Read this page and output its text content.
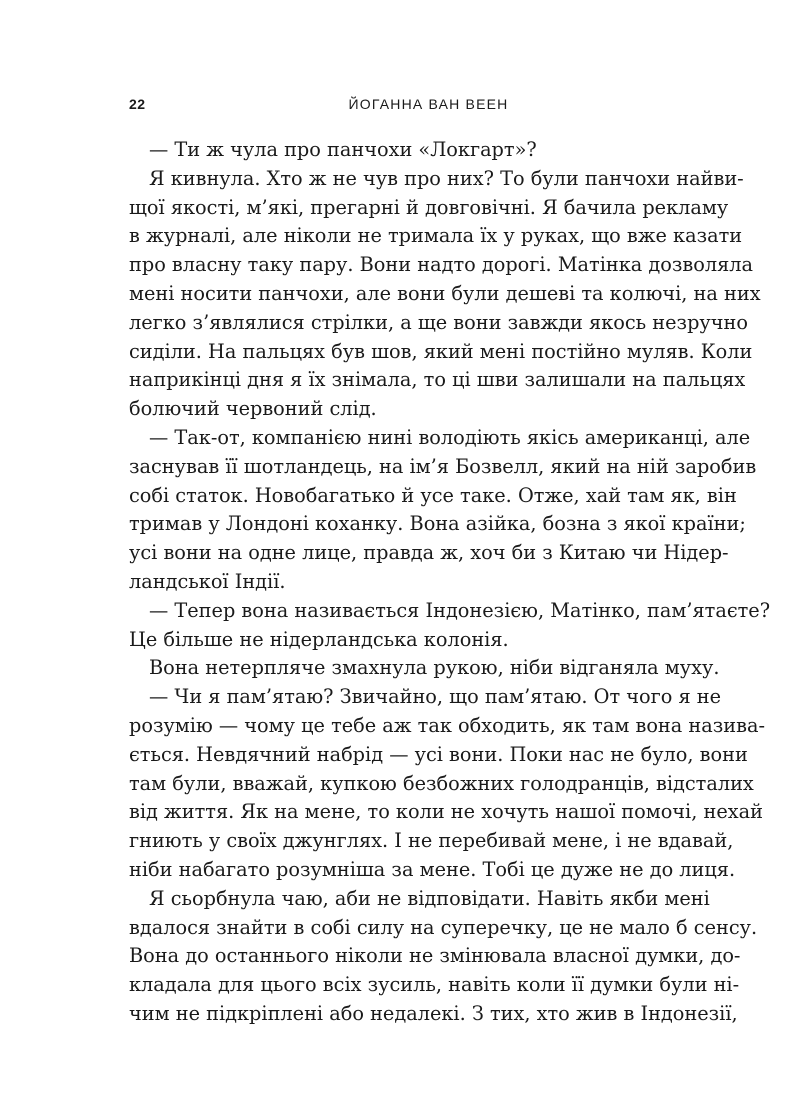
22	ЙОГАННА ВАН ВЕЕН
— Ти ж чула про панчохи «Локгарт»?
Я кивнула. Хто ж не чув про них? То були панчохи найви-
щої якості, м’які, прегарні й довговічні. Я бачила рекламу
в журналі, але ніколи не тримала їх у руках, що вже казати
про власну таку пару. Вони надто дорогі. Матінка дозволяла
мені носити панчохи, але вони були дешеві та колючі, на них
легко з’являлися стрілки, а ще вони завжди якось незручно
сиділи. На пальцях був шов, який мені постійно муляв. Коли
наприкінці дня я їх знімала, то ці шви залишали на пальцях
болючий червоний слід.
— Так-от, компанією нині володіють якісь американці, але
заснував її шотландець, на ім’я Бозвелл, який на ній заробив
собі статок. Новобагатько й усе таке. Отже, хай там як, він
тримав у Лондоні коханку. Вона азійка, бозна з якої країни;
усі вони на одне лице, правда ж, хоч би з Китаю чи Нідер-
ландської Індії.
— Тепер вона називається Індонезією, Матінко, пам’ятаєте?
Це більше не нідерландська колонія.
Вона нетерпляче змахнула рукою, ніби відганяла муху.
— Чи я пам’ятаю? Звичайно, що пам’ятаю. От чого я не
розумію — чому це тебе аж так обходить, як там вона назива-
ється. Невдячний набрід — усі вони. Поки нас не було, вони
там були, вважай, купкою безбожних голодранців, відсталих
від життя. Як на мене, то коли не хочуть нашої помочі, нехай
гниють у своїх джунглях. І не перебивай мене, і не вдавай,
ніби набагато розумніша за мене. Тобі це дуже не до лиця.
Я сьорбнула чаю, аби не відповідати. Навіть якби мені
вдалося знайти в собі силу на суперечку, це не мало б сенсу.
Вона до останнього ніколи не змінювала власної думки, до-
кладала для цього всіх зусиль, навіть коли її думки були ні-
чим не підкріплені або недалекі. З тих, хто жив в Індонезії,
